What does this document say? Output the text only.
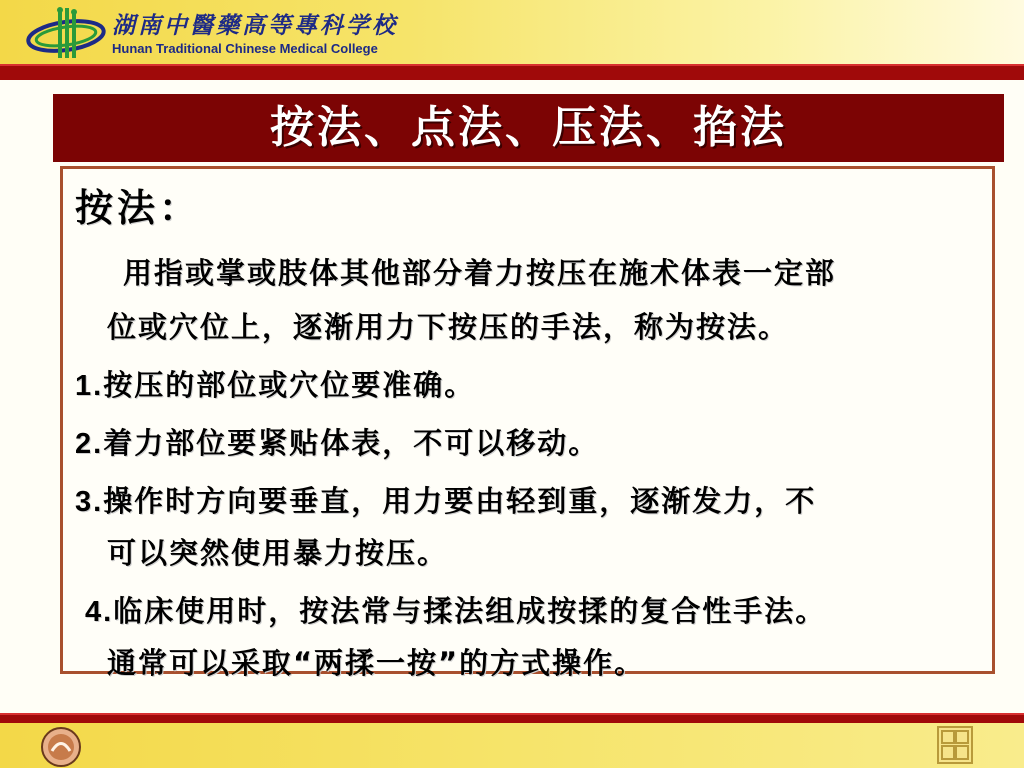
湖南中醫藥高等專科学校
Hunan Traditional Chinese Medical College
按法、点法、压法、掐法
按法：
用指或掌或肢体其他部分着力按压在施术体表一定部
位或穴位上，逐渐用力下按压的手法，称为按法。
1.按压的部位或穴位要准确。
2.着力部位要紧贴体表，不可以移动。
3.操作时方向要垂直，用力要由轻到重，逐渐发力，不
可以突然使用暴力按压。
4.临床使用时，按法常与揉法组成按揉的复合性手法。
通常可以采取“两揉一按”的方式操作。
